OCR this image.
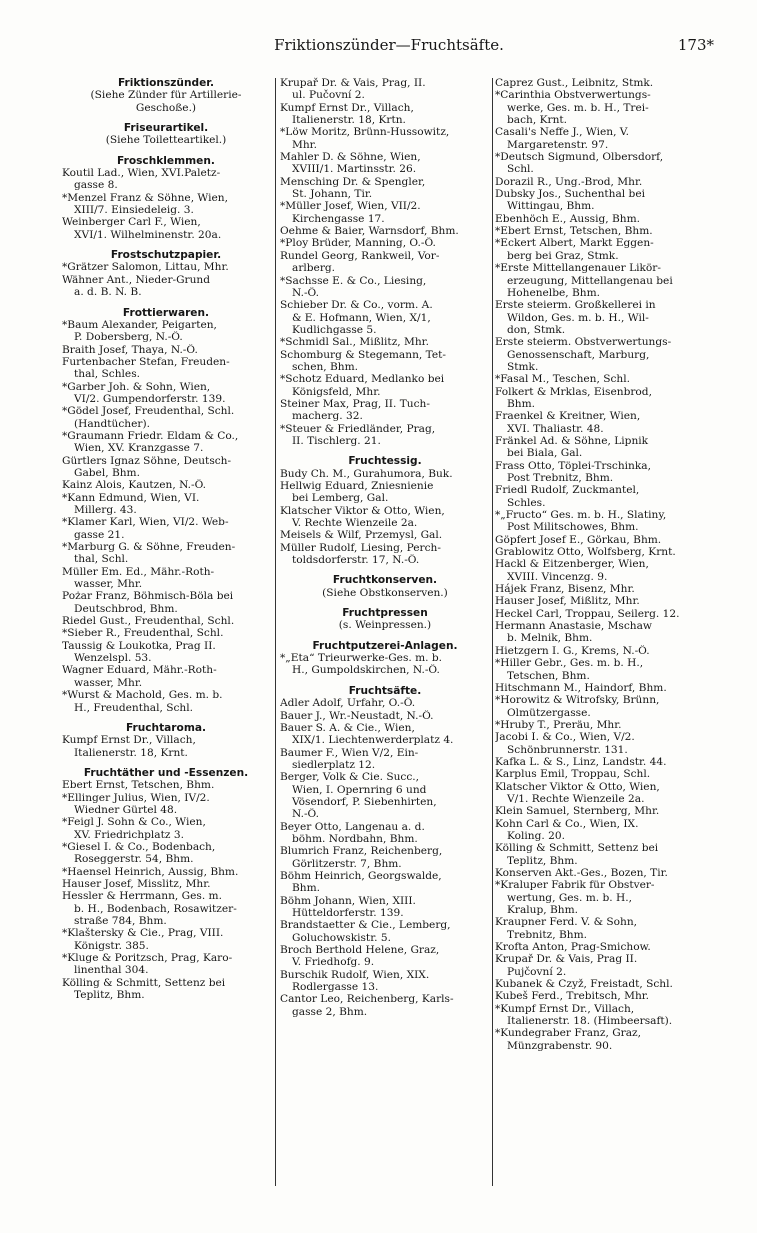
Friktionszünder—Fruchtsäfte.	173*
Friktionszünder.
(Siehe Zünder für Artillerie-
Geschoße.)
Friseurartikel.
(Siehe Toiletteartikel.)
Froschklemmen.
Koutil Lad., Wien, XVI.Paletz-
gasse 8.
*Menzel Franz & Söhne, Wien,
XIII/7. Einsiedeleig. 3.
Weinberger Carl F., Wien,
XVI/1. Wilhelminenstr. 20a.
Frostschutzpapier.
*Grätzer Salomon, Littau, Mhr.
Wähner Ant., Nieder-Grund
a. d. B. N. B.
Frottierwaren.
*Baum Alexander, Peigarten,
P. Dobersberg, N.-Ö.
Braith Josef, Thaya, N.-Ö.
Furtenbacher Stefan, Freuden-
thal, Schles.
*Garber Joh. & Sohn, Wien,
VI/2. Gumpendorferstr. 139.
*Gödel Josef, Freudenthal, Schl.
(Handtücher).
*Graumann Friedr. Eldam & Co.,
Wien, XV. Kranzgasse 7.
Gürtlers Ignaz Söhne, Deutsch-
Gabel, Bhm.
Kainz Alois, Kautzen, N.-Ö.
*Kann Edmund, Wien, VI.
Millerg. 43.
*Klamer Karl, Wien, VI/2. Web-
gasse 21.
*Marburg G. & Söhne, Freuden-
thal, Schl.
Müller Em. Ed., Mähr.-Roth-
wasser, Mhr.
Pożar Franz, Böhmisch-Böla bei
Deutschbrod, Bhm.
Riedel Gust., Freudenthal, Schl.
*Sieber R., Freudenthal, Schl.
Taussig & Loukotka, Prag II.
Wenzelspl. 53.
Wagner Eduard, Mähr.-Roth-
wasser, Mhr.
*Wurst & Machold, Ges. m. b.
H., Freudenthal, Schl.
Fruchtaroma.
Kumpf Ernst Dr., Villach,
Italienerstr. 18, Krnt.
Fruchtäther und -Essenzen.
Ebert Ernst, Tetschen, Bhm.
*Ellinger Julius, Wien, IV/2.
Wiedner Gürtel 48.
*Feigl J. Sohn & Co., Wien,
XV. Friedrichplatz 3.
*Giesel I. & Co., Bodenbach,
Roseggerstr. 54, Bhm.
*Haensel Heinrich, Aussig, Bhm.
Hauser Josef, Misslitz, Mhr.
Hessler & Herrmann, Ges. m.
b. H., Bodenbach, Rosawitzer-
straße 784, Bhm.
*Klaštersky & Cie., Prag, VIII.
Königstr. 385.
*Kluge & Poritzsch, Prag, Karo-
linenthal 304.
Kölling & Schmitt, Settenz bei
Teplitz, Bhm.
Krupař Dr. & Vais, Prag, II.
ul. Pučovní 2.
Kumpf Ernst Dr., Villach,
Italienerstr. 18, Krtn.
*Löw Moritz, Brünn-Hussowitz,
Mhr.
Mahler D. & Söhne, Wien,
XVIII/1. Martinsstr. 26.
Mensching Dr. & Spengler,
St. Johann, Tir.
*Müller Josef, Wien, VII/2.
Kirchengasse 17.
Oehme & Baier, Warnsdorf, Bhm.
*Ploy Brüder, Manning, O.-Ö.
Rundel Georg, Rankweil, Vor-
arlberg.
*Sachsse E. & Co., Liesing,
N.-Ö.
Schieber Dr. & Co., vorm. A.
& E. Hofmann, Wien, X/1,
Kudlichgasse 5.
*Schmidl Sal., Mißlitz, Mhr.
Schomburg & Stegemann, Tet-
schen, Bhm.
*Schotz Eduard, Medlanko bei
Königsfeld, Mhr.
Steiner Max, Prag, II. Tuch-
macherg. 32.
*Steuer & Friedländer, Prag,
II. Tischlerg. 21.
Fruchtessig.
Budy Ch. M., Gurahumora, Buk.
Hellwig Eduard, Zniesnienie
bei Lemberg, Gal.
Klatscher Viktor & Otto, Wien,
V. Rechte Wienzeile 2a.
Meisels & Wilf, Przemysl, Gal.
Müller Rudolf, Liesing, Perch-
toldsdorferstr. 17, N.-Ö.
Fruchtkonserven.
(Siehe Obstkonserven.)
Fruchtpressen
(s. Weinpressen.)
Fruchtputzerei-Anlagen.
*„Eta“ Trieurwerke-Ges. m. b.
H., Gumpoldskirchen, N.-Ö.
Fruchtsäfte.
Adler Adolf, Urfahr, O.-Ö.
Bauer J., Wr.-Neustadt, N.-Ö.
Bauer S. A. & Cie., Wien,
XIX/1. Liechtenwerderplatz 4.
Baumer F., Wien V/2, Ein-
siedlerplatz 12.
Berger, Volk & Cie. Succ.,
Wien, I. Opernring 6 und
Vösendorf, P. Siebenhirten,
N.-Ö.
Beyer Otto, Langenau a. d.
böhm. Nordbahn, Bhm.
Blumrich Franz, Reichenberg,
Görlitzerstr. 7, Bhm.
Böhm Heinrich, Georgswalde,
Bhm.
Böhm Johann, Wien, XIII.
Hütteldorferstr. 139.
Brandstaetter & Cie., Lemberg,
Goluchowskistr. 5.
Broch Berthold Helene, Graz,
V. Friedhofg. 9.
Burschik Rudolf, Wien, XIX.
Rodlergasse 13.
Cantor Leo, Reichenberg, Karls-
gasse 2, Bhm.
Caprez Gust., Leibnitz, Stmk.
*Carinthia Obstverwertungs-
werke, Ges. m. b. H., Trei-
bach, Krnt.
Casali's Neffe J., Wien, V.
Margaretenstr. 97.
*Deutsch Sigmund, Olbersdorf,
Schl.
Dorazil R., Ung.-Brod, Mhr.
Dubsky Jos., Suchenthal bei
Wittingau, Bhm.
Ebenhöch E., Aussig, Bhm.
*Ebert Ernst, Tetschen, Bhm.
*Eckert Albert, Markt Eggen-
berg bei Graz, Stmk.
*Erste Mittellangenauer Likör-
erzeugung, Mittellangenau bei
Hohenelbe, Bhm.
Erste steierm. Großkellerei in
Wildon, Ges. m. b. H., Wil-
don, Stmk.
Erste steierm. Obstverwertungs-
Genossenschaft, Marburg,
Stmk.
*Fasal M., Teschen, Schl.
Folkert & Mrklas, Eisenbrod,
Bhm.
Fraenkel & Kreitner, Wien,
XVI. Thaliastr. 48.
Fränkel Ad. & Söhne, Lipnik
bei Biala, Gal.
Frass Otto, Töplei-Trschinka,
Post Trebnitz, Bhm.
Friedl Rudolf, Zuckmantel,
Schles.
*„Fructo“ Ges. m. b. H., Slatiny,
Post Militschowes, Bhm.
Göpfert Josef E., Görkau, Bhm.
Grablowitz Otto, Wolfsberg, Krnt.
Hackl & Eitzenberger, Wien,
XVIII. Vincenzg. 9.
Hájek Franz, Bisenz, Mhr.
Hauser Josef, Mißlitz, Mhr.
Heckel Carl, Troppau, Seilerg. 12.
Hermann Anastasie, Mschaw
b. Melnik, Bhm.
Hietzgern I. G., Krems, N.-Ö.
*Hiller Gebr., Ges. m. b. H.,
Tetschen, Bhm.
Hitschmann M., Haindorf, Bhm.
*Horowitz & Witrofsky, Brünn,
Olmützergasse.
*Hruby T., Preräu, Mhr.
Jacobi I. & Co., Wien, V/2.
Schönbrunnerstr. 131.
Kafka L. & S., Linz, Landstr. 44.
Karplus Emil, Troppau, Schl.
Klatscher Viktor & Otto, Wien,
V/1. Rechte Wienzeile 2a.
Klein Samuel, Sternberg, Mhr.
Kohn Carl & Co., Wien, IX.
Koling. 20.
Kölling & Schmitt, Settenz bei
Teplitz, Bhm.
Konserven Akt.-Ges., Bozen, Tir.
*Kraluper Fabrik für Obstver-
wertung, Ges. m. b. H.,
Kralup, Bhm.
Kraupner Ferd. V. & Sohn,
Trebnitz, Bhm.
Krofta Anton, Prag-Smichow.
Krupař Dr. & Vais, Prag II.
Pujčovní 2.
Kubanek & Czyž, Freistadt, Schl.
Kubeš Ferd., Trebitsch, Mhr.
*Kumpf Ernst Dr., Villach,
Italienerstr. 18. (Himbeersaft).
*Kundegraber Franz, Graz,
Münzgrabenstr. 90.
